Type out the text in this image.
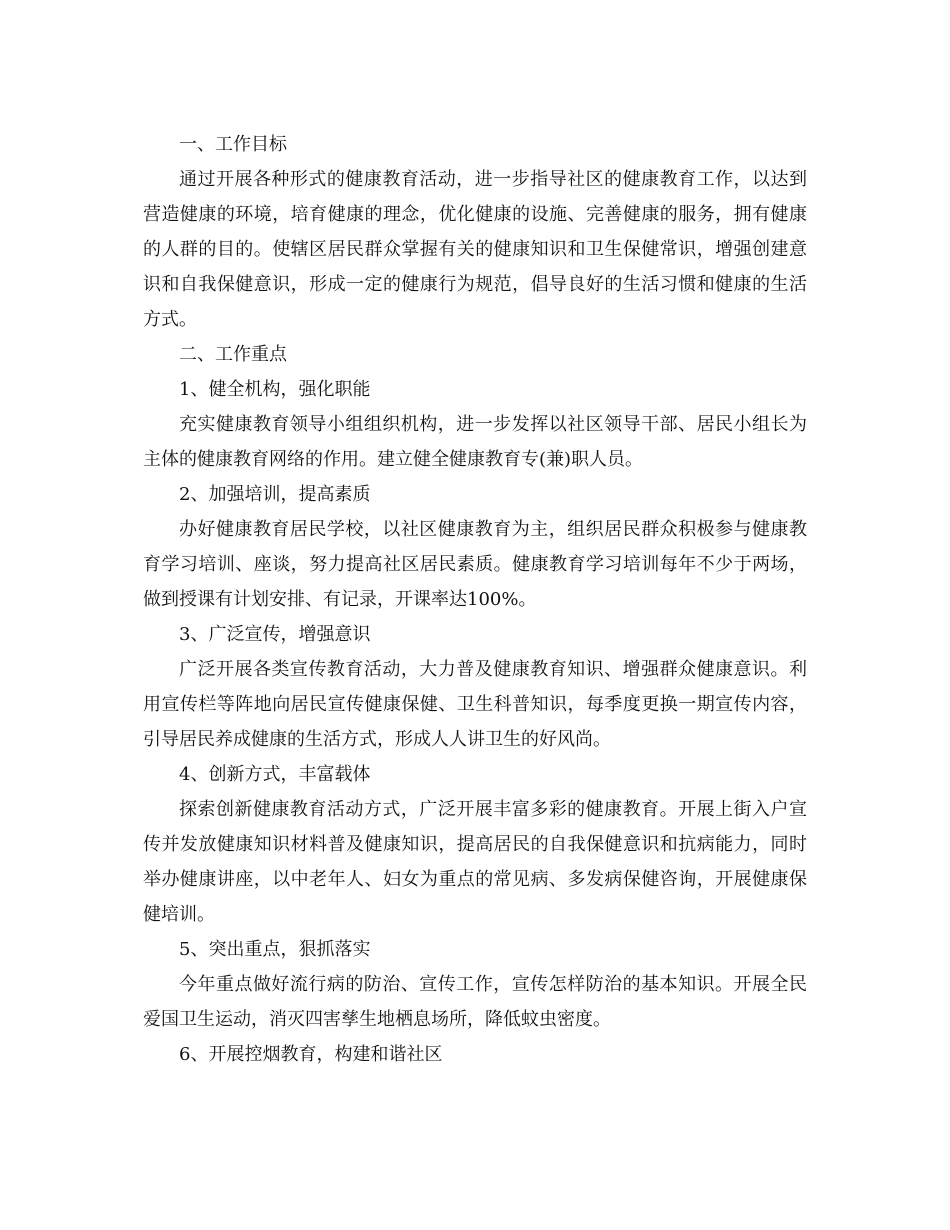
一、工作目标

通过开展各种形式的健康教育活动，进一步指导社区的健康教育工作，以达到营造健康的环境，培育健康的理念，优化健康的设施、完善健康的服务，拥有健康的人群的目的。使辖区居民群众掌握有关的健康知识和卫生保健常识，增强创建意识和自我保健意识，形成一定的健康行为规范，倡导良好的生活习惯和健康的生活方式。

二、工作重点

1、健全机构，强化职能

充实健康教育领导小组组织机构，进一步发挥以社区领导干部、居民小组长为主体的健康教育网络的作用。建立健全健康教育专(兼)职人员。

2、加强培训，提高素质

办好健康教育居民学校，以社区健康教育为主，组织居民群众积极参与健康教育学习培训、座谈，努力提高社区居民素质。健康教育学习培训每年不少于两场，做到授课有计划安排、有记录，开课率达100%。

3、广泛宣传，增强意识

广泛开展各类宣传教育活动，大力普及健康教育知识、增强群众健康意识。利用宣传栏等阵地向居民宣传健康保健、卫生科普知识，每季度更换一期宣传内容，引导居民养成健康的生活方式，形成人人讲卫生的好风尚。

4、创新方式，丰富载体

探索创新健康教育活动方式，广泛开展丰富多彩的健康教育。开展上街入户宣传并发放健康知识材料普及健康知识，提高居民的自我保健意识和抗病能力，同时举办健康讲座，以中老年人、妇女为重点的常见病、多发病保健咨询，开展健康保健培训。

5、突出重点，狠抓落实

今年重点做好流行病的防治、宣传工作，宣传怎样防治的基本知识。开展全民爱国卫生运动，消灭四害孳生地栖息场所，降低蚊虫密度。

6、开展控烟教育，构建和谐社区
